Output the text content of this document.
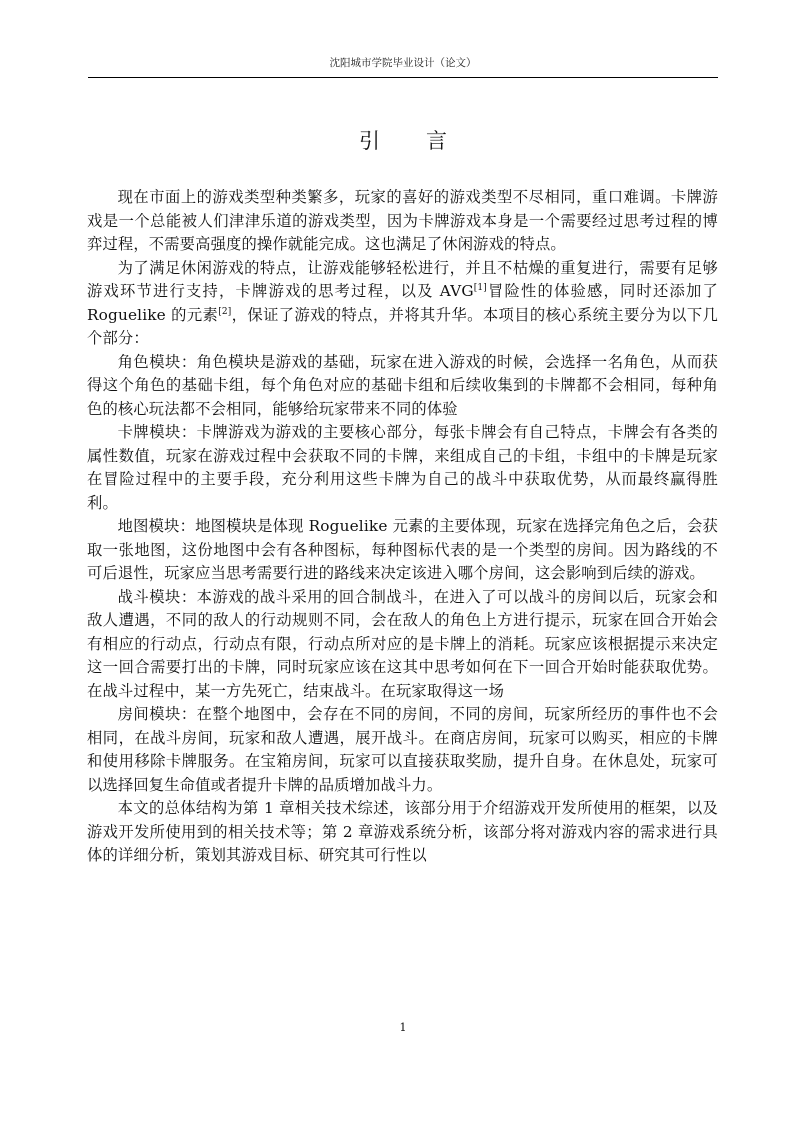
沈阳城市学院毕业设计（论文）
引言

现在市面上的游戏类型种类繁多，玩家的喜好的游戏类型不尽相同，重口难调。卡牌游戏是一个总能被人们津津乐道的游戏类型，因为卡牌游戏本身是一个需要经过思考过程的博弈过程，不需要高强度的操作就能完成。这也满足了休闲游戏的特点。

为了满足休闲游戏的特点，让游戏能够轻松进行，并且不枯燥的重复进行，需要有足够游戏环节进行支持，卡牌游戏的思考过程，以及 AVG[1]冒险性的体验感，同时还添加了 Roguelike 的元素[2]，保证了游戏的特点，并将其升华。本项目的核心系统主要分为以下几个部分：

角色模块：角色模块是游戏的基础，玩家在进入游戏的时候，会选择一名角色，从而获得这个角色的基础卡组，每个角色对应的基础卡组和后续收集到的卡牌都不会相同，每种角色的核心玩法都不会相同，能够给玩家带来不同的体验

卡牌模块：卡牌游戏为游戏的主要核心部分，每张卡牌会有自己特点，卡牌会有各类的属性数值，玩家在游戏过程中会获取不同的卡牌，来组成自己的卡组，卡组中的卡牌是玩家在冒险过程中的主要手段，充分利用这些卡牌为自己的战斗中获取优势，从而最终赢得胜利。

地图模块：地图模块是体现 Roguelike 元素的主要体现，玩家在选择完角色之后，会获取一张地图，这份地图中会有各种图标，每种图标代表的是一个类型的房间。因为路线的不可后退性，玩家应当思考需要行进的路线来决定该进入哪个房间，这会影响到后续的游戏。

战斗模块：本游戏的战斗采用的回合制战斗，在进入了可以战斗的房间以后，玩家会和敌人遭遇，不同的敌人的行动规则不同，会在敌人的角色上方进行提示，玩家在回合开始会有相应的行动点，行动点有限，行动点所对应的是卡牌上的消耗。玩家应该根据提示来决定这一回合需要打出的卡牌，同时玩家应该在这其中思考如何在下一回合开始时能获取优势。在战斗过程中，某一方先死亡，结束战斗。在玩家取得这一场

房间模块：在整个地图中，会存在不同的房间，不同的房间，玩家所经历的事件也不会相同，在战斗房间，玩家和敌人遭遇，展开战斗。在商店房间，玩家可以购买，相应的卡牌和使用移除卡牌服务。在宝箱房间，玩家可以直接获取奖励，提升自身。在休息处，玩家可以选择回复生命值或者提升卡牌的品质增加战斗力。

本文的总体结构为第 1 章相关技术综述，该部分用于介绍游戏开发所使用的框架，以及游戏开发所使用到的相关技术等；第 2 章游戏系统分析，该部分将对游戏内容的需求进行具体的详细分析，策划其游戏目标、研究其可行性以

1
